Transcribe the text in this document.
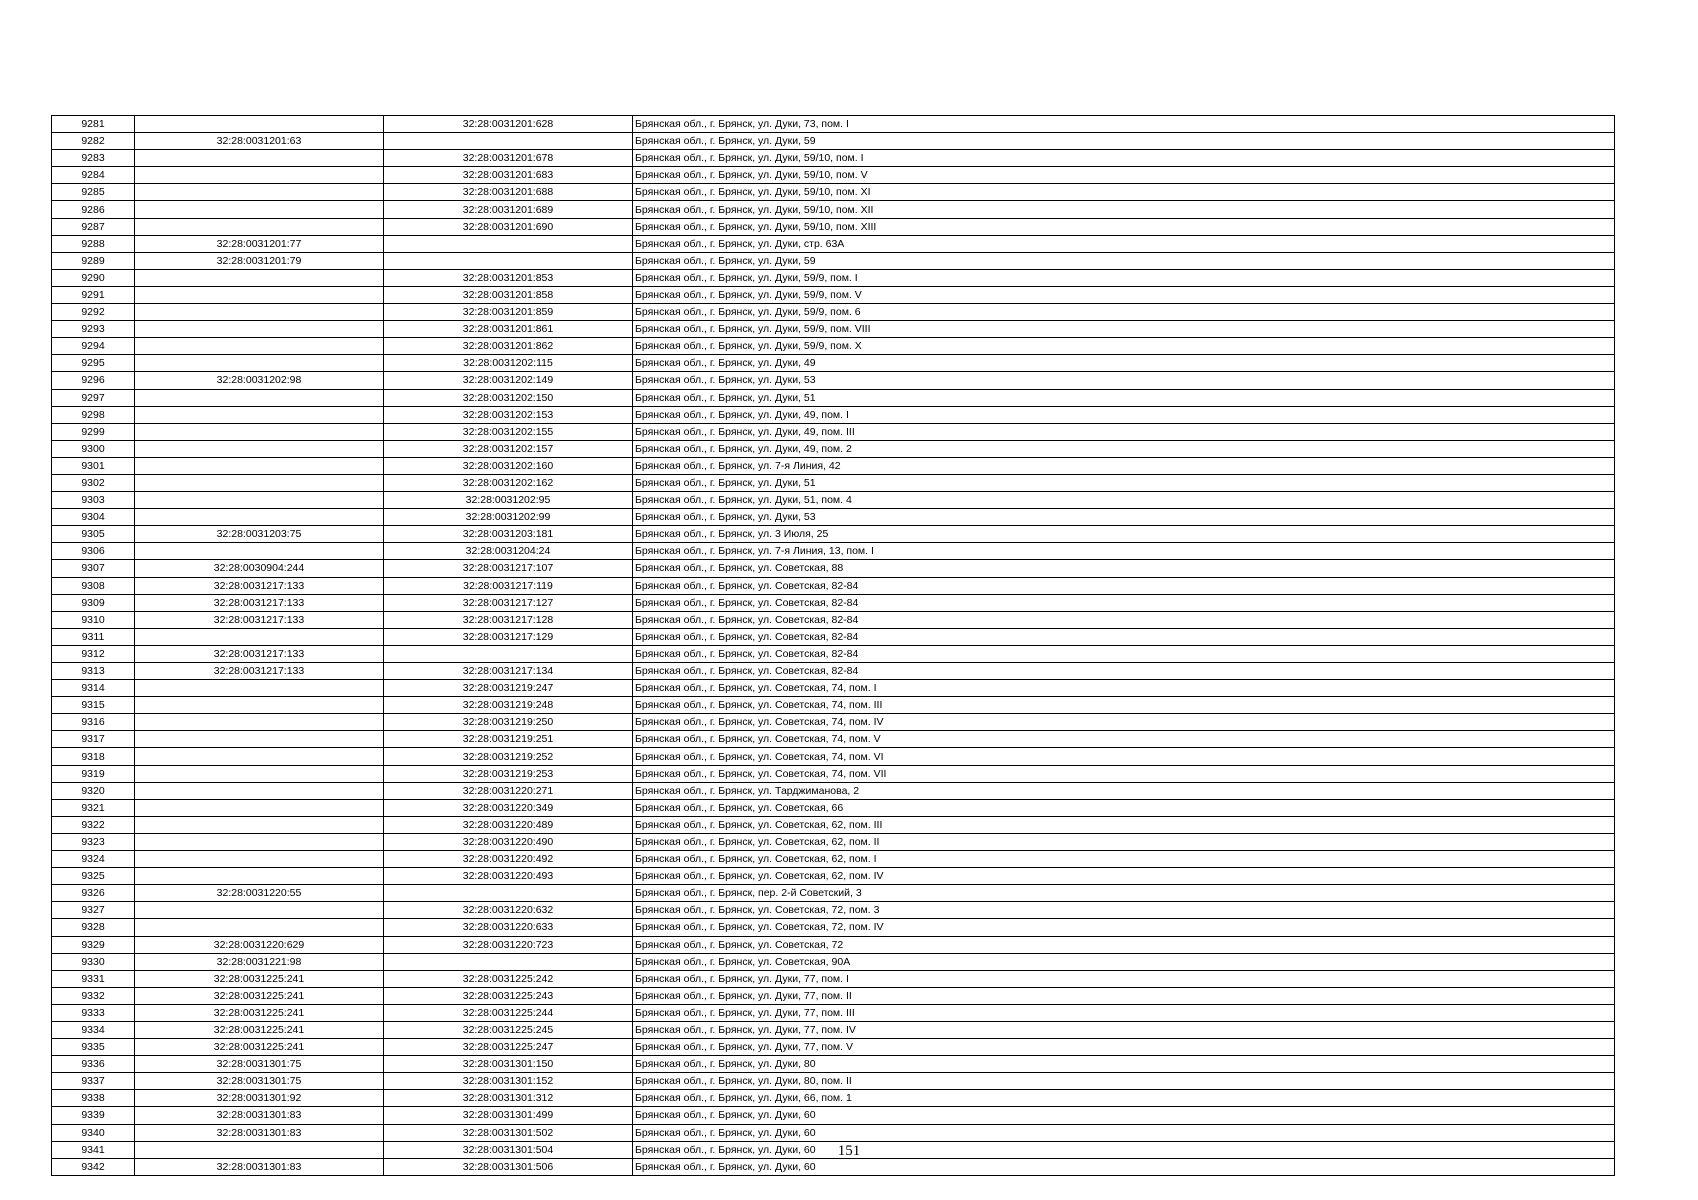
9281		32:28:0031201:628	Брянская обл., г. Брянск, ул. Дуки, 73, пом. I
9282	32:28:0031201:63		Брянская обл., г. Брянск, ул. Дуки, 59
9283		32:28:0031201:678	Брянская обл., г. Брянск, ул. Дуки, 59/10, пом. I
9284		32:28:0031201:683	Брянская обл., г. Брянск, ул. Дуки, 59/10, пом. V
9285		32:28:0031201:688	Брянская обл., г. Брянск, ул. Дуки, 59/10, пом. XI
9286		32:28:0031201:689	Брянская обл., г. Брянск, ул. Дуки, 59/10, пом. XII
9287		32:28:0031201:690	Брянская обл., г. Брянск, ул. Дуки, 59/10, пом. XIII
9288	32:28:0031201:77		Брянская обл., г. Брянск, ул. Дуки, стр. 63А
9289	32:28:0031201:79		Брянская обл., г. Брянск, ул. Дуки, 59
9290		32:28:0031201:853	Брянская обл., г. Брянск, ул. Дуки, 59/9, пом. I
9291		32:28:0031201:858	Брянская обл., г. Брянск, ул. Дуки, 59/9, пом. V
9292		32:28:0031201:859	Брянская обл., г. Брянск, ул. Дуки, 59/9, пом. 6
9293		32:28:0031201:861	Брянская обл., г. Брянск, ул. Дуки, 59/9, пом. VIII
9294		32:28:0031201:862	Брянская обл., г. Брянск, ул. Дуки, 59/9, пом. X
9295		32:28:0031202:115	Брянская обл., г. Брянск, ул. Дуки, 49
9296	32:28:0031202:98	32:28:0031202:149	Брянская обл., г. Брянск, ул. Дуки, 53
9297		32:28:0031202:150	Брянская обл., г. Брянск, ул. Дуки, 51
9298		32:28:0031202:153	Брянская обл., г. Брянск, ул. Дуки, 49, пом. I
9299		32:28:0031202:155	Брянская обл., г. Брянск, ул. Дуки, 49, пом. III
9300		32:28:0031202:157	Брянская обл., г. Брянск, ул. Дуки, 49, пом. 2
9301		32:28:0031202:160	Брянская обл., г. Брянск, ул. 7-я Линия, 42
9302		32:28:0031202:162	Брянская обл., г. Брянск, ул. Дуки, 51
9303		32:28:0031202:95	Брянская обл., г. Брянск, ул. Дуки, 51, пом. 4
9304		32:28:0031202:99	Брянская обл., г. Брянск, ул. Дуки, 53
9305	32:28:0031203:75	32:28:0031203:181	Брянская обл., г. Брянск, ул. 3 Июля, 25
9306		32:28:0031204:24	Брянская обл., г. Брянск, ул. 7-я Линия, 13, пом. I
9307	32:28:0030904:244	32:28:0031217:107	Брянская обл., г. Брянск, ул. Советская, 88
9308	32:28:0031217:133	32:28:0031217:119	Брянская обл., г. Брянск, ул. Советская, 82-84
9309	32:28:0031217:133	32:28:0031217:127	Брянская обл., г. Брянск, ул. Советская, 82-84
9310	32:28:0031217:133	32:28:0031217:128	Брянская обл., г. Брянск, ул. Советская, 82-84
9311		32:28:0031217:129	Брянская обл., г. Брянск, ул. Советская, 82-84
9312	32:28:0031217:133		Брянская обл., г. Брянск, ул. Советская, 82-84
9313	32:28:0031217:133	32:28:0031217:134	Брянская обл., г. Брянск, ул. Советская, 82-84
9314		32:28:0031219:247	Брянская обл., г. Брянск, ул. Советская, 74, пом. I
9315		32:28:0031219:248	Брянская обл., г. Брянск, ул. Советская, 74, пом. III
9316		32:28:0031219:250	Брянская обл., г. Брянск, ул. Советская, 74, пом. IV
9317		32:28:0031219:251	Брянская обл., г. Брянск, ул. Советская, 74, пом. V
9318		32:28:0031219:252	Брянская обл., г. Брянск, ул. Советская, 74, пом. VI
9319		32:28:0031219:253	Брянская обл., г. Брянск, ул. Советская, 74, пом. VII
9320		32:28:0031220:271	Брянская обл., г. Брянск, ул. Тарджиманова, 2
9321		32:28:0031220:349	Брянская обл., г. Брянск, ул. Советская, 66
9322		32:28:0031220:489	Брянская обл., г. Брянск, ул. Советская, 62, пом. III
9323		32:28:0031220:490	Брянская обл., г. Брянск, ул. Советская, 62, пом. II
9324		32:28:0031220:492	Брянская обл., г. Брянск, ул. Советская, 62, пом. I
9325		32:28:0031220:493	Брянская обл., г. Брянск, ул. Советская, 62, пом. IV
9326	32:28:0031220:55		Брянская обл., г. Брянск, пер. 2-й Советский, 3
9327		32:28:0031220:632	Брянская обл., г. Брянск, ул. Советская, 72, пом. 3
9328		32:28:0031220:633	Брянская обл., г. Брянск, ул. Советская, 72, пом. IV
9329	32:28:0031220:629	32:28:0031220:723	Брянская обл., г. Брянск, ул. Советская, 72
9330	32:28:0031221:98		Брянская обл., г. Брянск, ул. Советская, 90А
9331	32:28:0031225:241	32:28:0031225:242	Брянская обл., г. Брянск, ул. Дуки, 77, пом. I
9332	32:28:0031225:241	32:28:0031225:243	Брянская обл., г. Брянск, ул. Дуки, 77, пом. II
9333	32:28:0031225:241	32:28:0031225:244	Брянская обл., г. Брянск, ул. Дуки, 77, пом. III
9334	32:28:0031225:241	32:28:0031225:245	Брянская обл., г. Брянск, ул. Дуки, 77, пом. IV
9335	32:28:0031225:241	32:28:0031225:247	Брянская обл., г. Брянск, ул. Дуки, 77, пом. V
9336	32:28:0031301:75	32:28:0031301:150	Брянская обл., г. Брянск, ул. Дуки, 80
9337	32:28:0031301:75	32:28:0031301:152	Брянская обл., г. Брянск, ул. Дуки, 80, пом. II
9338	32:28:0031301:92	32:28:0031301:312	Брянская обл., г. Брянск, ул. Дуки, 66, пом. 1
9339	32:28:0031301:83	32:28:0031301:499	Брянская обл., г. Брянск, ул. Дуки, 60
9340	32:28:0031301:83	32:28:0031301:502	Брянская обл., г. Брянск, ул. Дуки, 60
9341		32:28:0031301:504	Брянская обл., г. Брянск, ул. Дуки, 60
9342	32:28:0031301:83	32:28:0031301:506	Брянская обл., г. Брянск, ул. Дуки, 60
151
